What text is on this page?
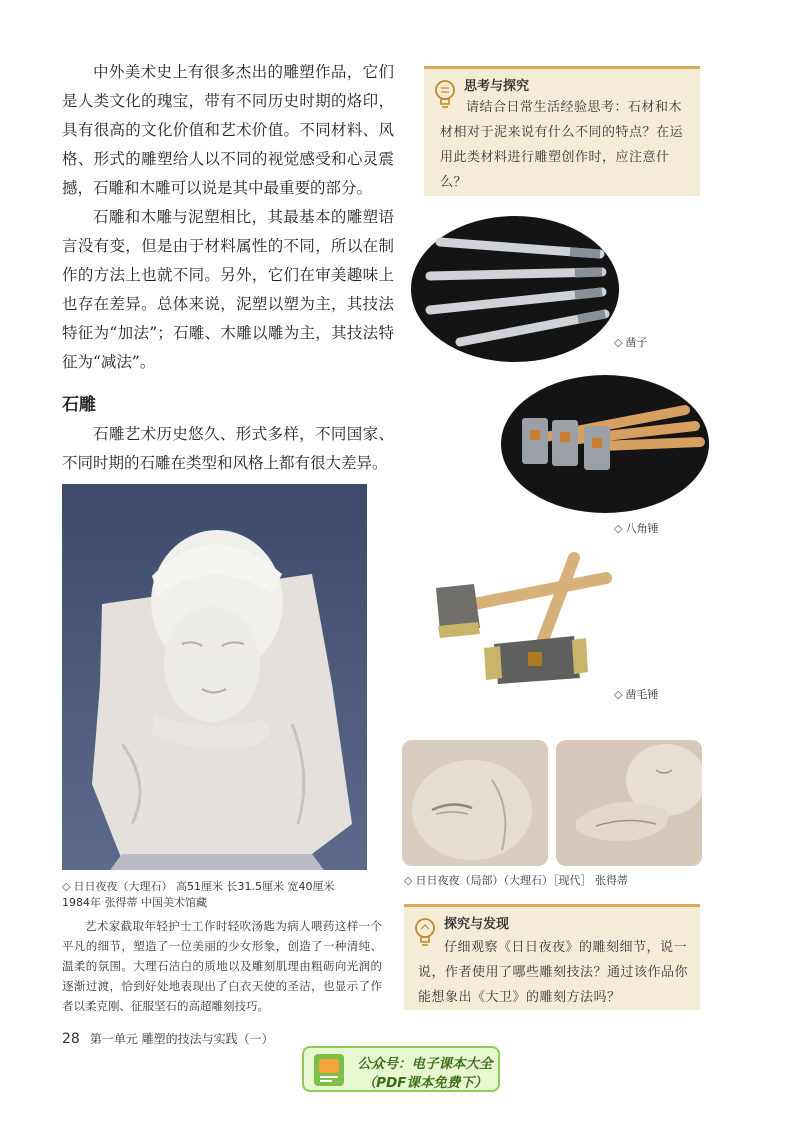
中外美术史上有很多杰出的雕塑作品，它们是人类文化的瑰宝，带有不同历史时期的烙印，具有很高的文化价值和艺术价值。不同材料、风格、形式的雕塑给人以不同的视觉感受和心灵震撼，石雕和木雕可以说是其中最重要的部分。

石雕和木雕与泥塑相比，其最基本的雕塑语言没有变，但是由于材料属性的不同，所以在制作的方法上也就不同。另外，它们在审美趣味上也存在差异。总体来说，泥塑以塑为主，其技法特征为“加法”；石雕、木雕以雕为主，其技法特征为“减法”。

石雕

石雕艺术历史悠久、形式多样，不同国家、不同时期的石雕在类型和风格上都有很大差异。

思考与探究
请结合日常生活经验思考：石材和木材相对于泥来说有什么不同的特点？在运用此类材料进行雕塑创作时，应注意什么？
◇ 凿子
◇ 八角锤
◇ 凿毛锤
◇ 日日夜夜（局部）（大理石）［现代］ 张得蒂
◇ 日日夜夜（大理石） 高51厘米 长31.5厘米 宽40厘米
1984年 张得蒂 中国美术馆藏
艺术家截取年轻护士工作时轻吹汤匙为病人喂药这样一个平凡的细节，塑造了一位美丽的少女形象，创造了一种清纯、温柔的氛围。大理石洁白的质地以及雕刻肌理由粗砺向光润的逐渐过渡，恰到好处地表现出了白衣天使的圣洁，也显示了作者以柔克刚、征服坚石的高超雕刻技巧。
探究与发现
仔细观察《日日夜夜》的雕刻细节，说一说，作者使用了哪些雕刻技法？通过该作品你能想象出《大卫》的雕刻方法吗？
28 第一单元 雕塑的技法与实践（一）
公众号：电子课本大全
（PDF课本免费下）
